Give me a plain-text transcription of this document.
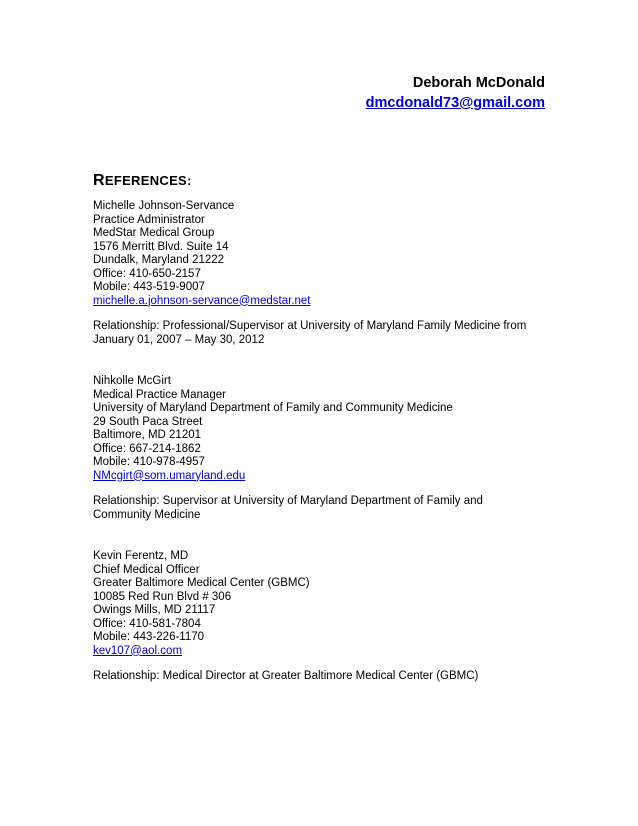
Deborah McDonald
dmcdonald73@gmail.com
REFERENCES:
Michelle Johnson-Servance
Practice Administrator
MedStar Medical Group
1576 Merritt Blvd. Suite 14
Dundalk, Maryland 21222
Office: 410-650-2157
Mobile: 443-519-9007
michelle.a.johnson-servance@medstar.net
Relationship: Professional/Supervisor at University of Maryland Family Medicine from January 01, 2007 – May 30, 2012
Nihkolle McGirt
Medical Practice Manager
University of Maryland Department of Family and Community Medicine
29 South Paca Street
Baltimore, MD 21201
Office: 667-214-1862
Mobile: 410-978-4957
NMcgirt@som.umaryland.edu
Relationship: Supervisor at University of Maryland Department of Family and Community Medicine
Kevin Ferentz, MD
Chief Medical Officer
Greater Baltimore Medical Center (GBMC)
10085 Red Run Blvd # 306
Owings Mills, MD 21117
Office: 410-581-7804
Mobile: 443-226-1170
kev107@aol.com
Relationship: Medical Director at Greater Baltimore Medical Center (GBMC)
